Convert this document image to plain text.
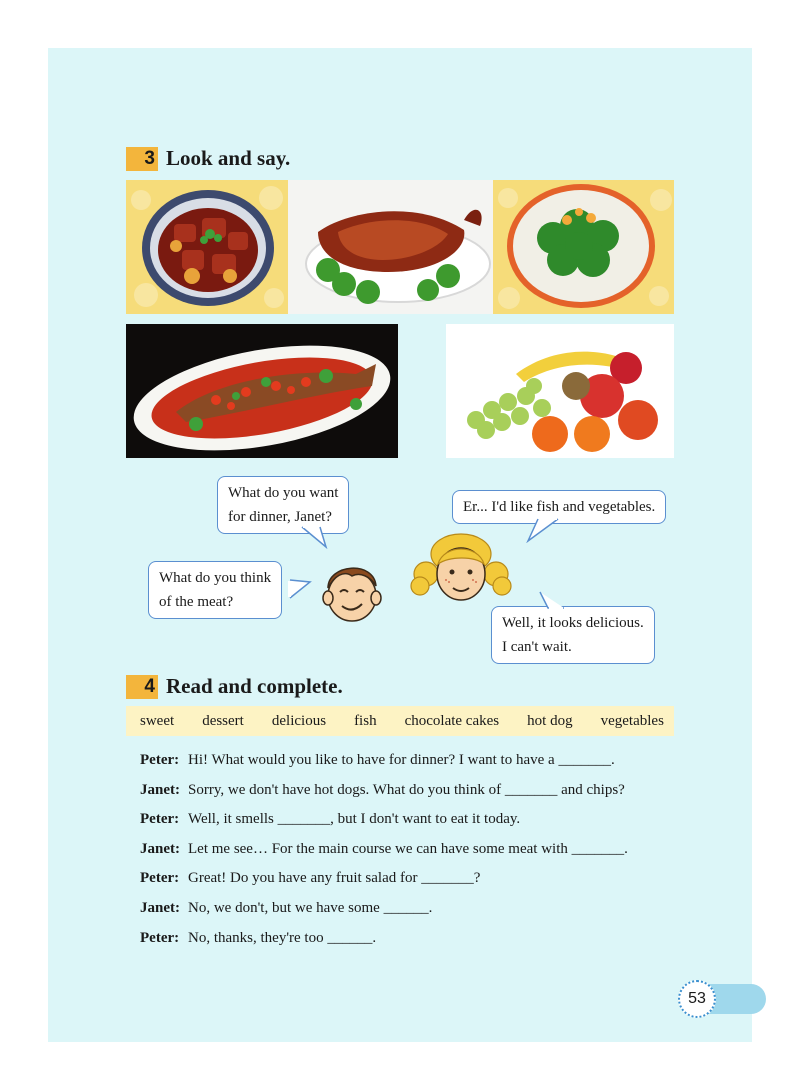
3 Look and say.
What do you want
for dinner, Janet?
Er... I'd like fish and vegetables.
What do you think
of the meat?
Well, it looks delicious.
I can't wait.
4 Read and complete.
sweet dessert delicious fish chocolate cakes hot dog vegetables
Peter: Hi! What would you like to have for dinner? I want to have a _______.
Janet: Sorry, we don't have hot dogs. What do you think of _______ and chips?
Peter: Well, it smells _______, but I don't want to eat it today.
Janet: Let me see… For the main course we can have some meat with _______.
Peter: Great! Do you have any fruit salad for _______?
Janet: No, we don't, but we have some ______.
Peter: No, thanks, they're too ______.
53
